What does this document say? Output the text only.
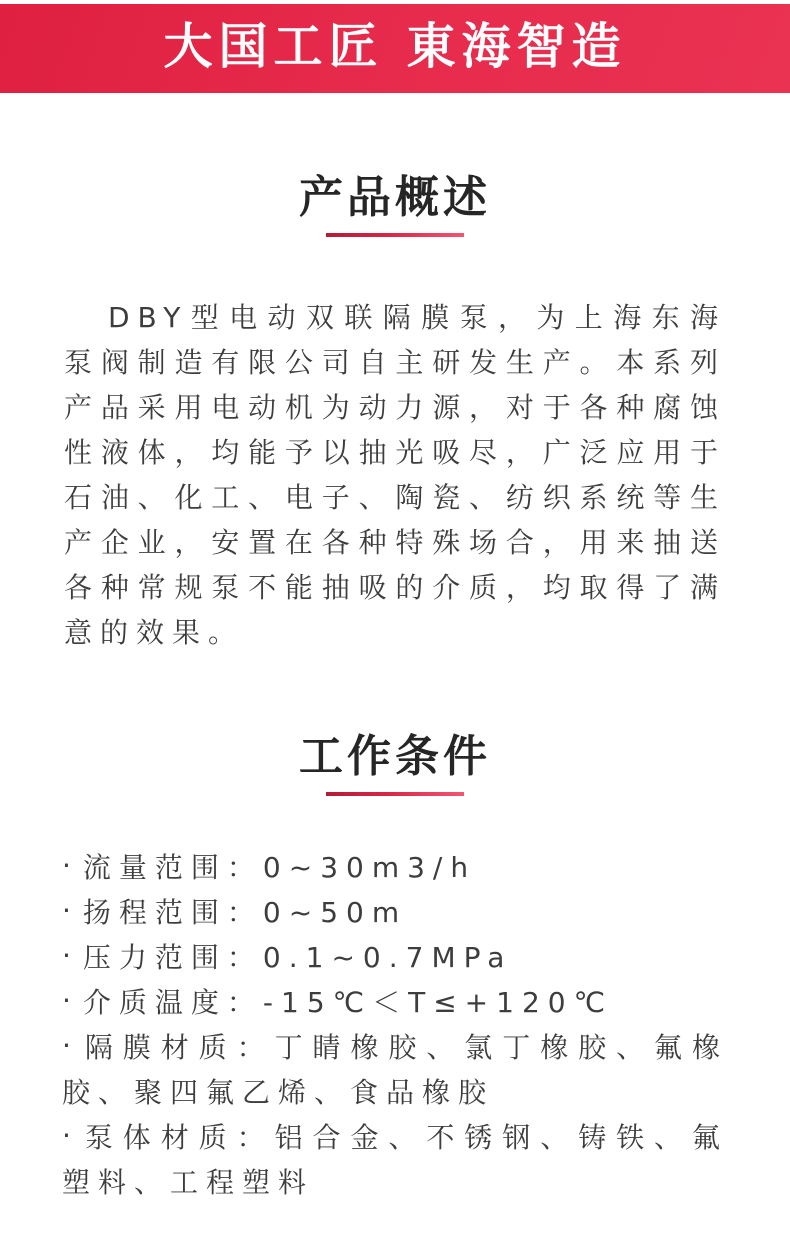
大国工匠 東海智造
产品概述

DBY型电动双联隔膜泵，为上海东海泵阀制造有限公司自主研发生产。本系列产品采用电动机为动力源，对于各种腐蚀性液体，均能予以抽光吸尽，广泛应用于石油、化工、电子、陶瓷、纺织系统等生产企业，安置在各种特殊场合，用来抽送各种常规泵不能抽吸的介质，均取得了满意的效果。

工作条件
· 流量范围：0~30m3/h
· 扬程范围：0~50m
· 压力范围：0.1~0.7MPa
· 介质温度：-15℃＜T≤+120℃
· 隔膜材质：丁睛橡胶、氯丁橡胶、氟橡胶、聚四氟乙烯、食品橡胶
· 泵体材质：铝合金、不锈钢、铸铁、氟塑料、工程塑料
